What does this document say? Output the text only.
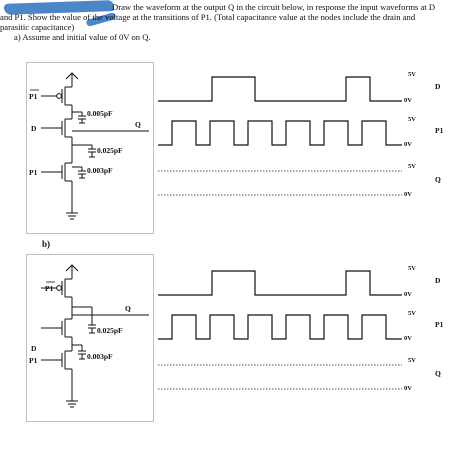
Draw the waveform at the output Q in the circuit below, in response the input waveforms at D
and P1. Show the value of the voltage at the transitions of P1. (Total capacitance value at the nodes include the drain and
parasitic capacitance)
a) Assume and initial value of 0V on Q.
P1
D	Q
P1
0.005pF
0.025pF
0.003pF
5V
0V
D
5V
0V
P1
5V
0V
Q
b)
P1
D
Q
P1
0.025pF
0.003pF
5V
0V
D
5V
0V
P1
5V
0V
Q
